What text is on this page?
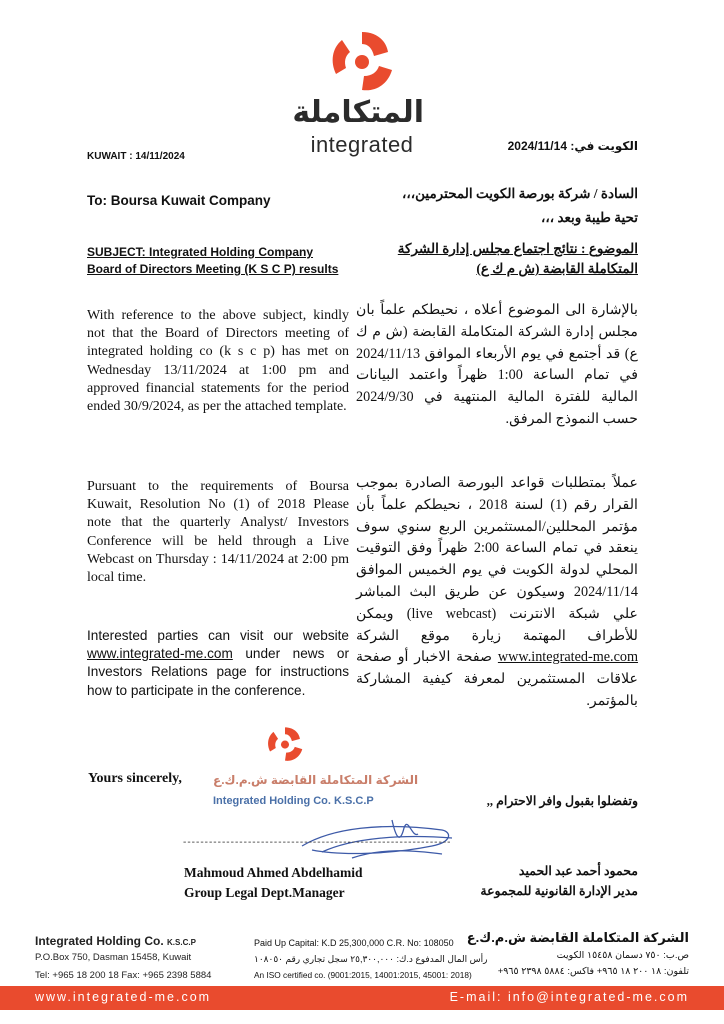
المتكاملة
integrated
KUWAIT : 14/11/2024
الكويت في: 2024/11/14
To: Boursa Kuwait Company
SUBJECT: Integrated Holding Company
Board of Directors Meeting (K S C P) results
With reference to the above subject, kindly not that the Board of Directors meeting of integrated holding co (k s c p) has met on Wednesday 13/11/2024 at 1:00 pm and approved financial statements for the period ended 30/9/2024, as per the attached template.
Pursuant to the requirements of Boursa Kuwait, Resolution No (1) of 2018 Please note that the quarterly Analyst/ Investors Conference will be held through a Live Webcast on Thursday : 14/11/2024 at 2:00 pm local time.
Interested parties can visit our website www.integrated-me.com under news or Investors Relations page for instructions how to participate in the conference.
السادة / شركة بورصة الكويت المحترمين،،،
تحية طيبة وبعد ،،،
الموضوع : نتائج اجتماع مجلس إدارة الشركة
المتكاملة القابضة (ش م ك ع)
بالإشارة الى الموضوع أعلاه ، نحيطكم علماً بان مجلس إدارة الشركة المتكاملة القابضة (ش م ك ع) قد أجتمع في يوم الأربعاء الموافق 2024/11/13 في تمام الساعة 1:00 ظهراً واعتمد البيانات المالية للفترة المالية المنتهية في 2024/9/30 حسب النموذج المرفق.
عملاً بمتطلبات قواعد البورصة الصادرة بموجب القرار رقم (1) لسنة 2018 ، نحيطكم علماً بأن مؤتمر المحللين/المستثمرين الربع سنوي سوف ينعقد في تمام الساعة 2:00 ظهراً وفق التوقيت المحلي لدولة الكويت في يوم الخميس الموافق 2024/11/14 وسيكون عن طريق البث المباشر علي شبكة الانترنت (live webcast) ويمكن للأطراف المهتمة زيارة موقع الشركة www.integrated-me.com صفحة الاخبار أو صفحة علاقات المستثمرين لمعرفة كيفية المشاركة بالمؤتمر.
وتفضلوا بقبول وافر الاحترام ,,
Yours sincerely,	الشركة المتكاملة القابضة ش.م.ك.ع
Integrated Holding Co. K.S.C.P
--------------------------------------------------------------
Mahmoud Ahmed Abdelhamid
Group Legal Dept.Manager
محمود أحمد عبد الحميد
مدير الإدارة القانونية للمجموعة
Integrated Holding Co. K.S.C.P
P.O.Box 750, Dasman 15458, Kuwait
Tel: +965 18 200 18 Fax: +965 2398 5884
Paid Up Capital: K.D 25,300,000 C.R. No: 108050
رأس المال المدفوع د.ك: ٢٥,٣٠٠,٠٠٠ سجل تجاري رقم ١٠٨٠٥٠
An ISO certified co. (9001:2015, 14001:2015, 45001: 2018)
الشركة المتكاملة القابضة ش.م.ك.ع
ص.ب: ٧٥٠ دسمان ١٥٤٥٨ الكويت
تلفون: ١٨ ٢٠٠ ١٨ ٩٦٥+ فاكس: ٥٨٨٤ ٢٣٩٨ ٩٦٥+
www.integrated-me.com	E-mail: info@integrated-me.com
